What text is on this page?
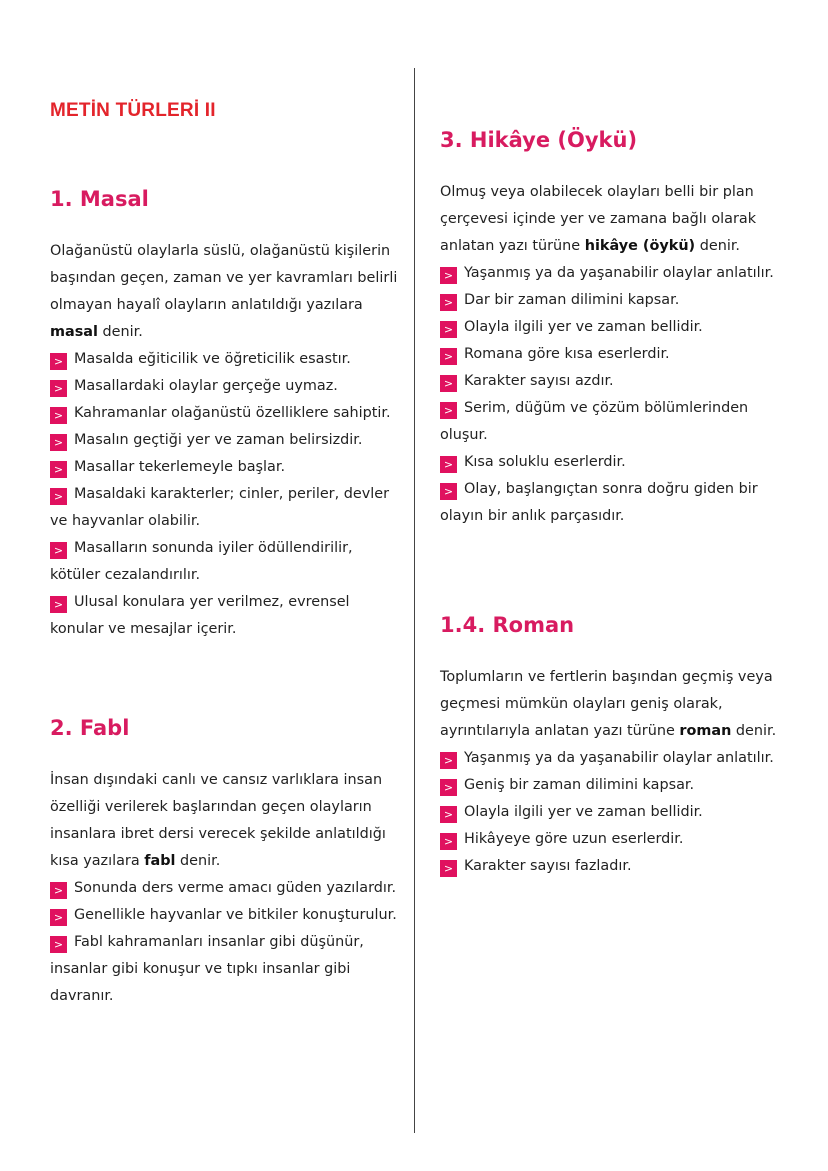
METİN TÜRLERİ II
1. Masal

Olağanüstü olaylarla süslü, olağanüstü kişilerin başından geçen, zaman ve yer kavramları belirli olmayan hayalî olayların anlatıldığı yazılara masal denir.

> Masalda eğiticilik ve öğreticilik esastır.
> Masallardaki olaylar gerçeğe uymaz.
> Kahramanlar olağanüstü özelliklere sahiptir.
> Masalın geçtiği yer ve zaman belirsizdir.
> Masallar tekerlemeyle başlar.
> Masaldaki karakterler; cinler, periler, devler ve hayvanlar olabilir.
> Masalların sonunda iyiler ödüllendirilir, kötüler cezalandırılır.
> Ulusal konulara yer verilmez, evrensel konular ve mesajlar içerir.
2. Fabl

İnsan dışındaki canlı ve cansız varlıklara insan özelliği verilerek başlarından geçen olayların insanlara ibret dersi verecek şekilde anlatıldığı kısa yazılara fabl denir.

> Sonunda ders verme amacı güden yazılardır.
> Genellikle hayvanlar ve bitkiler konuşturulur.
> Fabl kahramanları insanlar gibi düşünür, insanlar gibi konuşur ve tıpkı insanlar gibi davranır.
3. Hikâye (Öykü)

Olmuş veya olabilecek olayları belli bir plan çerçevesi içinde yer ve zamana bağlı olarak anlatan yazı türüne hikâye (öykü) denir.

> Yaşanmış ya da yaşanabilir olaylar anlatılır.
> Dar bir zaman dilimini kapsar.
> Olayla ilgili yer ve zaman bellidir.
> Romana göre kısa eserlerdir.
> Karakter sayısı azdır.
> Serim, düğüm ve çözüm bölümlerinden oluşur.
> Kısa soluklu eserlerdir.
> Olay, başlangıçtan sonra doğru giden bir olayın bir anlık parçasıdır.
1.4. Roman

Toplumların ve fertlerin başından geçmiş veya geçmesi mümkün olayları geniş olarak, ayrıntılarıyla anlatan yazı türüne roman denir.

> Yaşanmış ya da yaşanabilir olaylar anlatılır.
> Geniş bir zaman dilimini kapsar.
> Olayla ilgili yer ve zaman bellidir.
> Hikâyeye göre uzun eserlerdir.
> Karakter sayısı fazladır.
